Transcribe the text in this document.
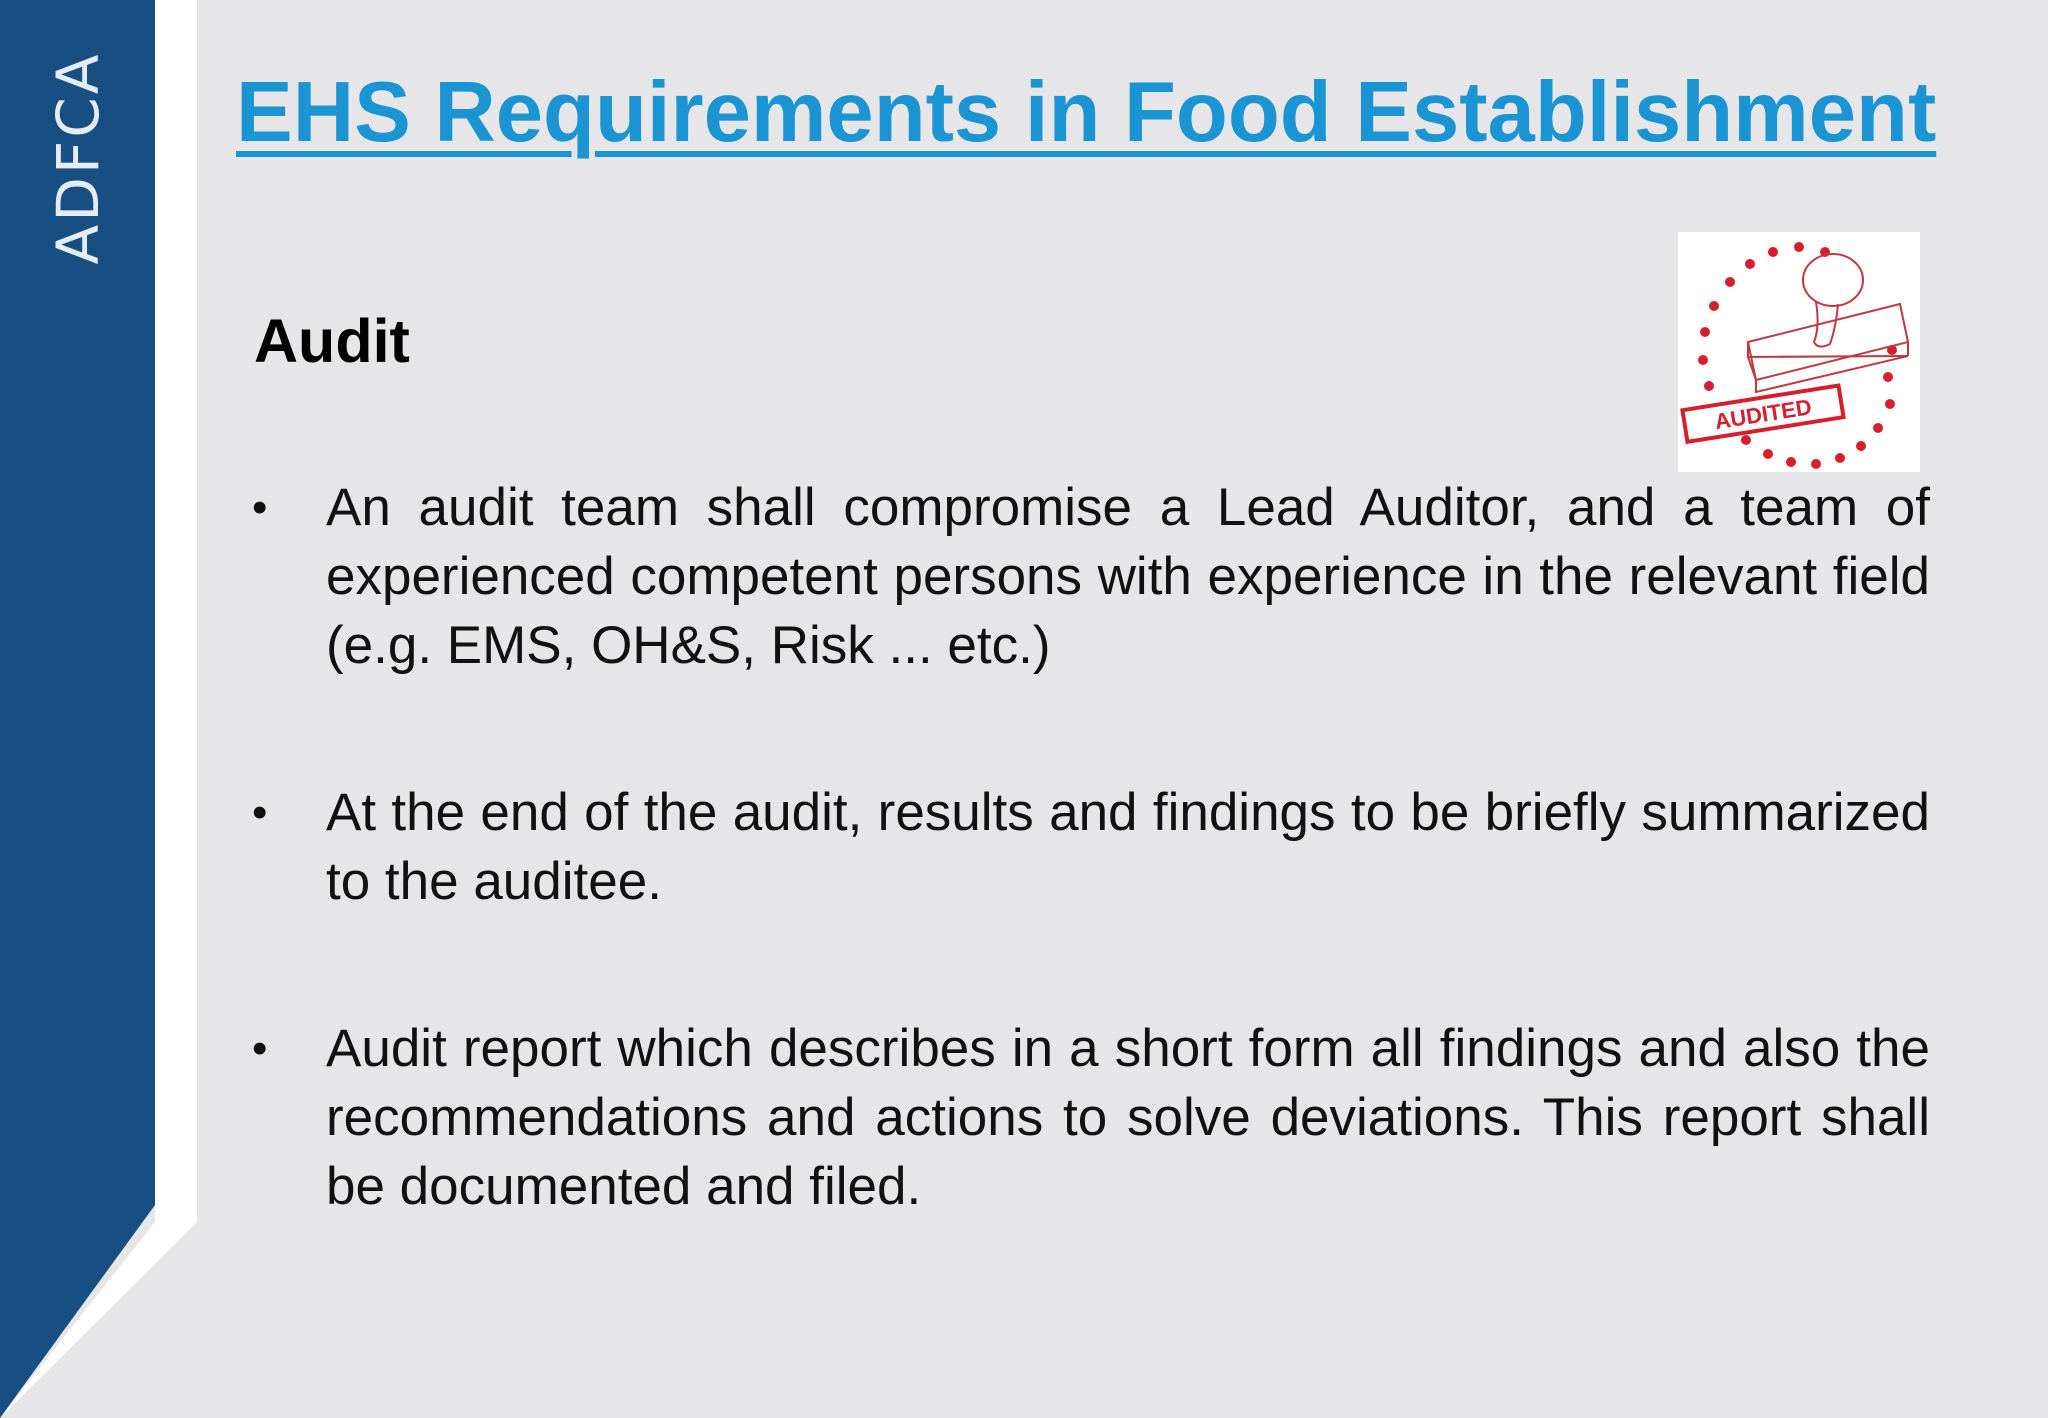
ADFCA EHS Requirements in Food Establishment
Audit
AUDITED
•	An audit team shall compromise a Lead Auditor, and a team of experienced competent persons with experience in the relevant field (e.g. EMS, OH&S, Risk ... etc.)
•	At the end of the audit, results and findings to be briefly summarized to the auditee.
•	Audit report which describes in a short form all findings and also the recommendations and actions to solve deviations. This report shall be documented and filed.
